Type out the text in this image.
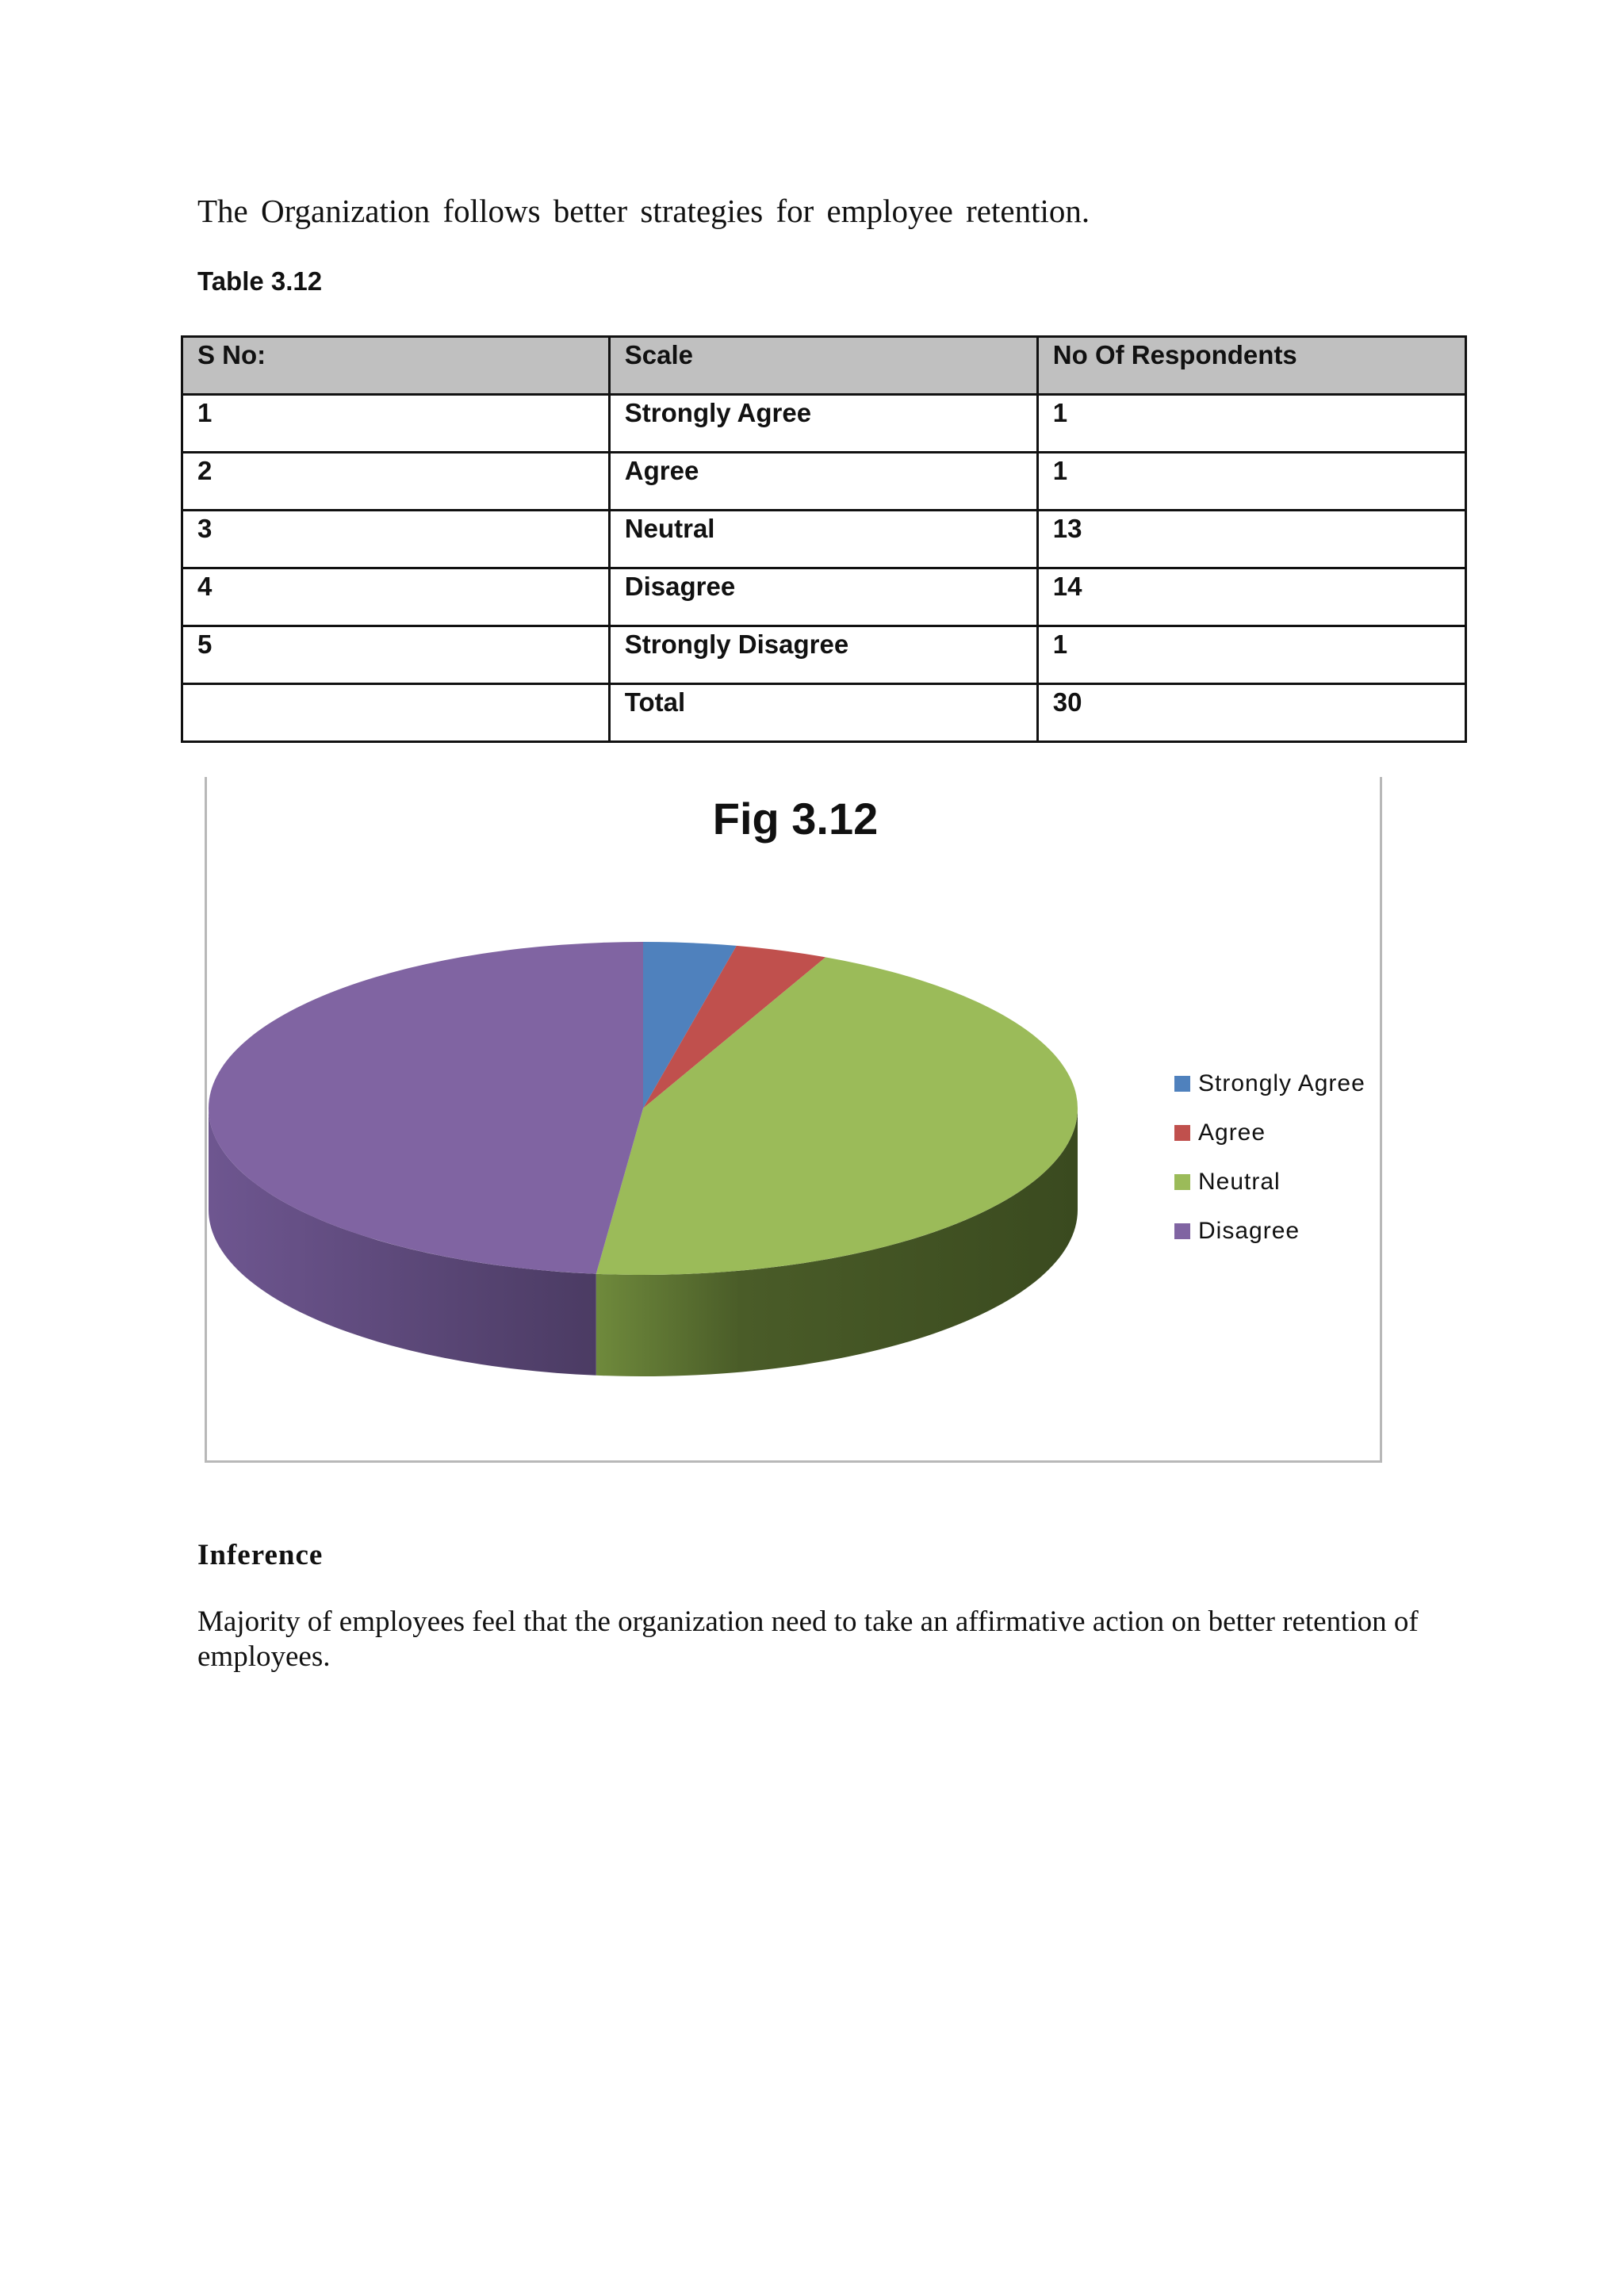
The Organization follows better strategies for employee retention.

Table 3.12

S No:	Scale	No Of Respondents
1	Strongly Agree	1
2	Agree	1
3	Neutral	13
4	Disagree	14
5	Strongly Disagree	1
	Total	30
Fig 3.12
Strongly Agree
Agree
Neutral
Disagree

Inference

Majority of employees feel that the organization need to take an affirmative action on better retention of employees.
